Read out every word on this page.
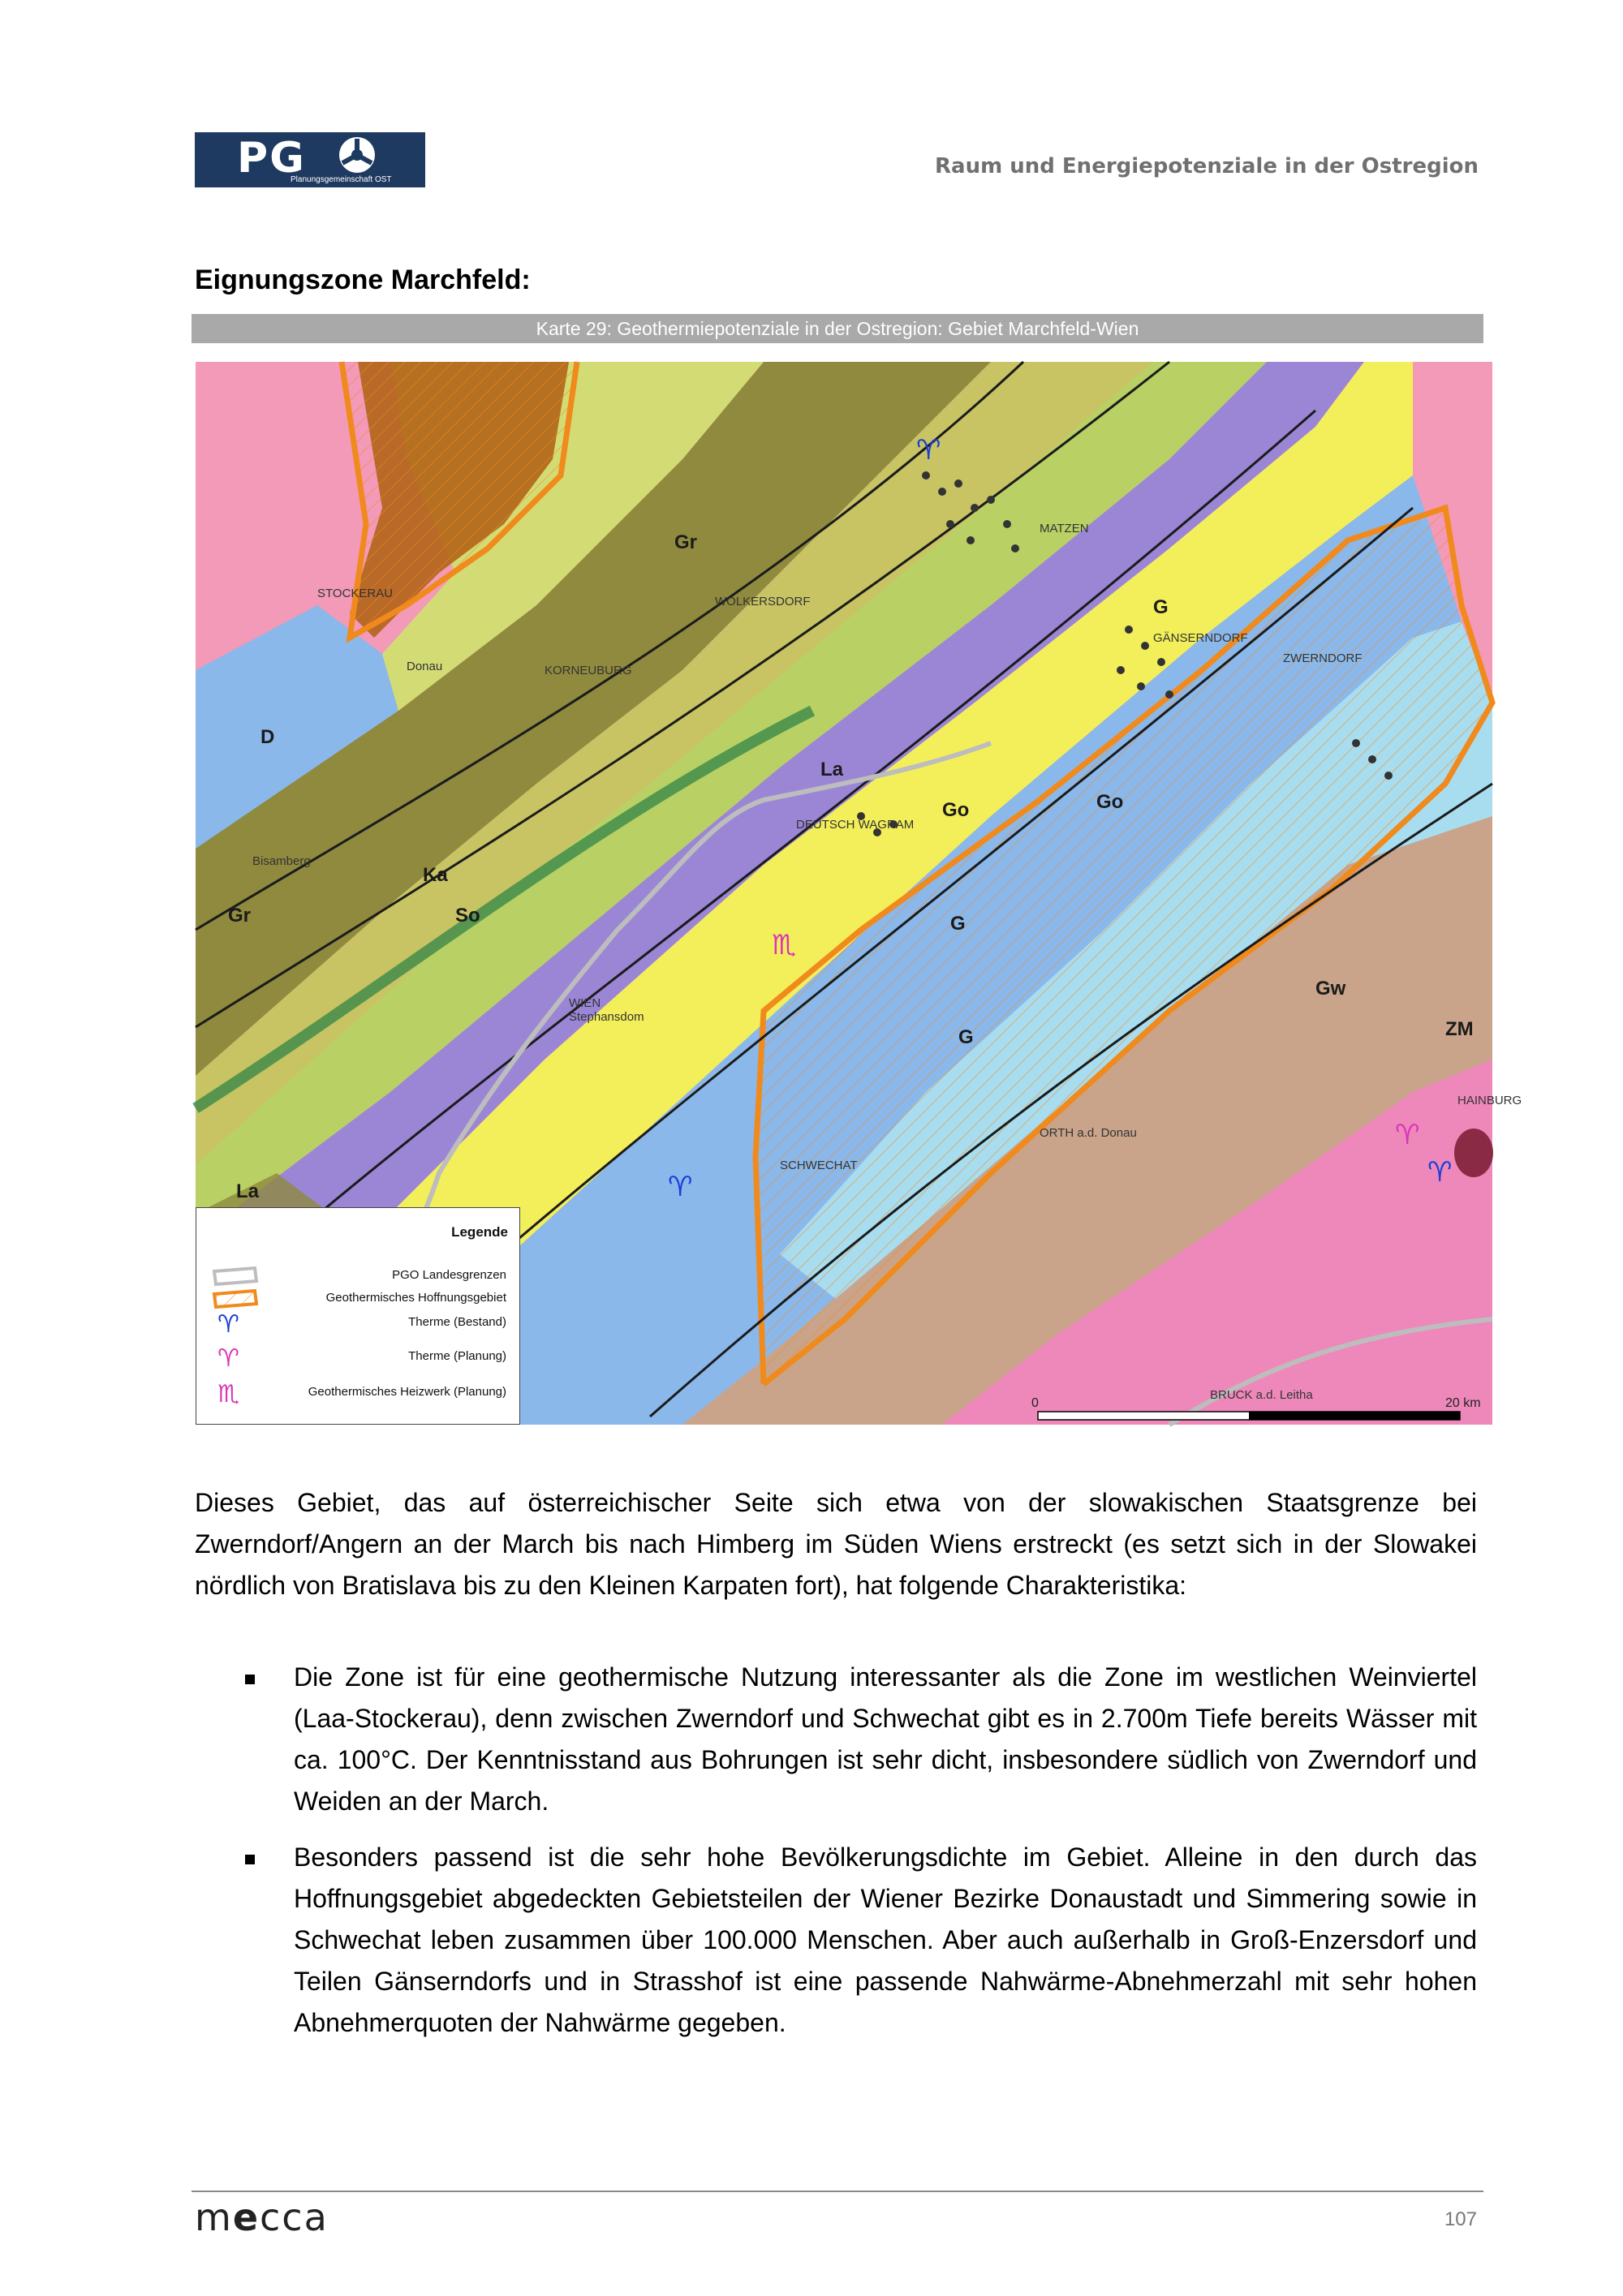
PG
Planungsgemeinschaft OST
Raum und Energiepotenziale in der Ostregion
Eignungszone Marchfeld:
Karte 29: Geothermiepotenziale in der Ostregion: Gebiet Marchfeld-Wien
Gr
D
Ka
So
La
Go
G
Gw
ZM
Gr
La
G
Go
G
STOCKERAU
MATZEN
WOLKERSDORF
GÄNSERNDORF
ZWERNDORF
WIEN
SCHWECHAT
ORTH a.d. Donau
HAINBURG
BRUCK a.d. Leitha
KORNEUBURG
DEUTSCH WAGRAM
Donau
Bisamberg
Stephansdom
♈
♈	♈
♈
♏
0	20 km
Legende
PGO Landesgrenzen
Geothermisches Hoffnungsgebiet
♈	Therme (Bestand)
♈	Therme (Planung)
♏	Geothermisches Heizwerk (Planung)
Dieses Gebiet, das auf österreichischer Seite sich etwa von der slowakischen Staatsgrenze bei Zwerndorf/Angern an der March bis nach Himberg im Süden Wiens erstreckt (es setzt sich in der Slowakei nördlich von Bratislava bis zu den Kleinen Karpaten fort), hat folgende Charakteristika:
Die Zone ist für eine geothermische Nutzung interessanter als die Zone im westlichen Weinviertel (Laa-Stockerau), denn zwischen Zwerndorf und Schwechat gibt es in 2.700m Tiefe bereits Wässer mit ca. 100°C. Der Kenntnisstand aus Bohrungen ist sehr dicht, insbesondere südlich von Zwerndorf und Weiden an der March.
Besonders passend ist die sehr hohe Bevölkerungsdichte im Gebiet. Alleine in den durch das Hoffnungsgebiet abgedeckten Gebietsteilen der Wiener Bezirke Donaustadt und Simmering sowie in Schwechat leben zusammen über 100.000 Menschen. Aber auch außerhalb in Groß-Enzersdorf und Teilen Gänserndorfs und in Strasshof ist eine passende Nahwärme-Abnehmerzahl mit sehr hohen Abnehmerquoten der Nahwärme gegeben.
mecca	107
